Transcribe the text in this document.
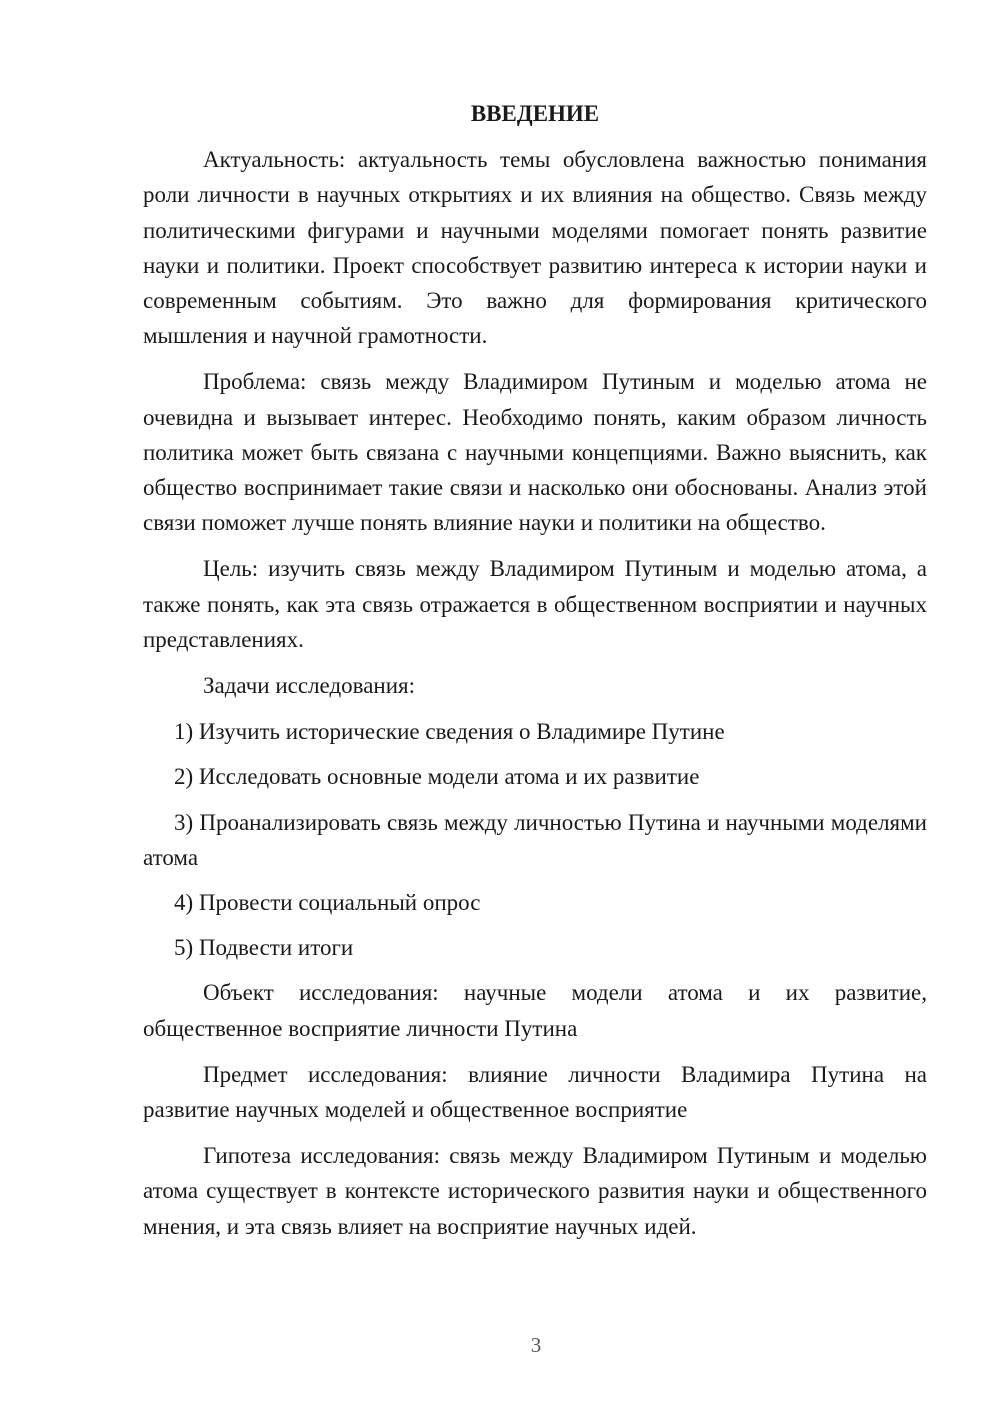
ВВЕДЕНИЕ

Актуальность: актуальность темы обусловлена важностью понимания роли личности в научных открытиях и их влияния на общество. Связь между политическими фигурами и научными моделями помогает понять развитие науки и политики. Проект способствует развитию интереса к истории науки и современным событиям. Это важно для формирования критического мышления и научной грамотности.

Проблема: связь между Владимиром Путиным и моделью атома не очевидна и вызывает интерес. Необходимо понять, каким образом личность политика может быть связана с научными концепциями. Важно выяснить, как общество воспринимает такие связи и насколько они обоснованы. Анализ этой связи поможет лучше понять влияние науки и политики на общество.

Цель: изучить связь между Владимиром Путиным и моделью атома, а также понять, как эта связь отражается в общественном восприятии и научных представлениях.

Задачи исследования:

1) Изучить исторические сведения о Владимире Путине

2) Исследовать основные модели атома и их развитие

3) Проанализировать связь между личностью Путина и научными моделями атома

4) Провести социальный опрос

5) Подвести итоги

Объект исследования: научные модели атома и их развитие, общественное восприятие личности Путина

Предмет исследования: влияние личности Владимира Путина на развитие научных моделей и общественное восприятие

Гипотеза исследования: связь между Владимиром Путиным и моделью атома существует в контексте исторического развития науки и общественного мнения, и эта связь влияет на восприятие научных идей.

3
